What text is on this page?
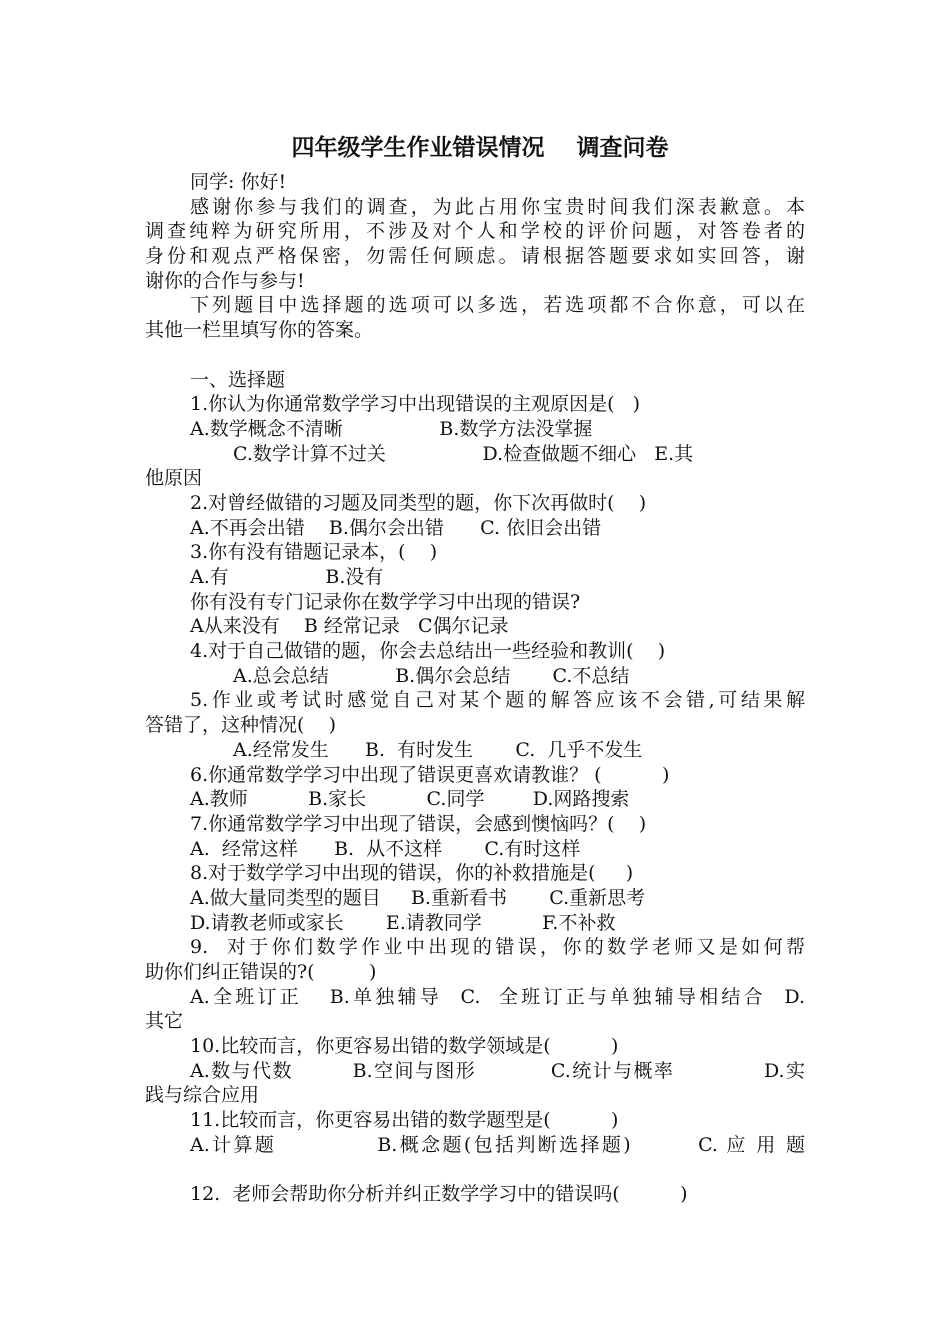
四年级学生作业错误情况    调查问卷
同学: 你好!
感谢你参与我们的调查，为此占用你宝贵时间我们深表歉意。本
调查纯粹为研究所用，不涉及对个人和学校的评价问题，对答卷者的
身份和观点严格保密，勿需任何顾虑。请根据答题要求如实回答，谢
谢你的合作与参与!
下列题目中选择题的选项可以多选，若选项都不合你意，可以在
其他一栏里填写你的答案。
一、选择题
1.你认为你通常数学学习中出现错误的主观原因是(   )
A.数学概念不清晰                B.数学方法没掌握
C.数学计算不过关                D.检查做题不细心   E.其
他原因
2.对曾经做错的习题及同类型的题，你下次再做时(    )
A.不再会出错    B.偶尔会出错      C. 依旧会出错
3.你有没有错题记录本，(    )
A.有                B.没有
你有没有专门记录你在数学学习中出现的错误?
A从来没有    B 经常记录   C偶尔记录
4.对于自己做错的题，你会去总结出一些经验和教训(    )
A.总会总结           B.偶尔会总结       C.不总结
5.作业或考试时感觉自己对某个题的解答应该不会错,可结果解
答错了，这种情况(    )
A.经常发生      B.  有时发生       C.  几乎不发生
6.你通常数学学习中出现了错误更喜欢请教谁？ (          )
A.教师          B.家长          C.同学        D.网路搜索
7.你通常数学学习中出现了错误，会感到懊恼吗？(    )
A.  经常这样      B.  从不这样       C.有时这样
8.对于数学学习中出现的错误，你的补救措施是(     )
A.做大量同类型的题目     B.重新看书       C.重新思考
D.请教老师或家长       E.请教同学          F.不补救
9.  对于你们数学作业中出现的错误，你的数学老师又是如何帮
助你们纠正错误的?(         )
A.全班订正   B.单独辅导  C.  全班订正与单独辅导相结合  D.
其它
10.比较而言，你更容易出错的数学领域是(          )
A.数与代数        B.空间与图形          C.统计与概率            D.实
践与综合应用
11.比较而言，你更容易出错的数学题型是(          )
A.计算题            B.概念题(包括判断选择题)        C. 应 用 题
12.  老师会帮助你分析并纠正数学学习中的错误吗(          )
